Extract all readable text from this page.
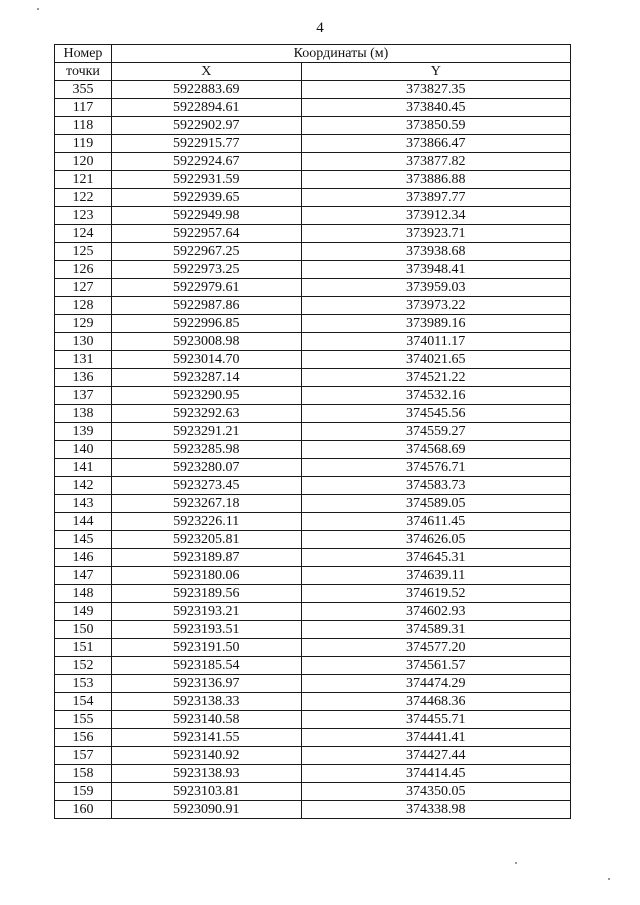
4
Номер	Координаты (м)	
точки	X	Y
355	5922883.69	373827.35
117	5922894.61	373840.45
118	5922902.97	373850.59
119	5922915.77	373866.47
120	5922924.67	373877.82
121	5922931.59	373886.88
122	5922939.65	373897.77
123	5922949.98	373912.34
124	5922957.64	373923.71
125	5922967.25	373938.68
126	5922973.25	373948.41
127	5922979.61	373959.03
128	5922987.86	373973.22
129	5922996.85	373989.16
130	5923008.98	374011.17
131	5923014.70	374021.65
136	5923287.14	374521.22
137	5923290.95	374532.16
138	5923292.63	374545.56
139	5923291.21	374559.27
140	5923285.98	374568.69
141	5923280.07	374576.71
142	5923273.45	374583.73
143	5923267.18	374589.05
144	5923226.11	374611.45
145	5923205.81	374626.05
146	5923189.87	374645.31
147	5923180.06	374639.11
148	5923189.56	374619.52
149	5923193.21	374602.93
150	5923193.51	374589.31
151	5923191.50	374577.20
152	5923185.54	374561.57
153	5923136.97	374474.29
154	5923138.33	374468.36
155	5923140.58	374455.71
156	5923141.55	374441.41
157	5923140.92	374427.44
158	5923138.93	374414.45
159	5923103.81	374350.05
160	5923090.91	374338.98
